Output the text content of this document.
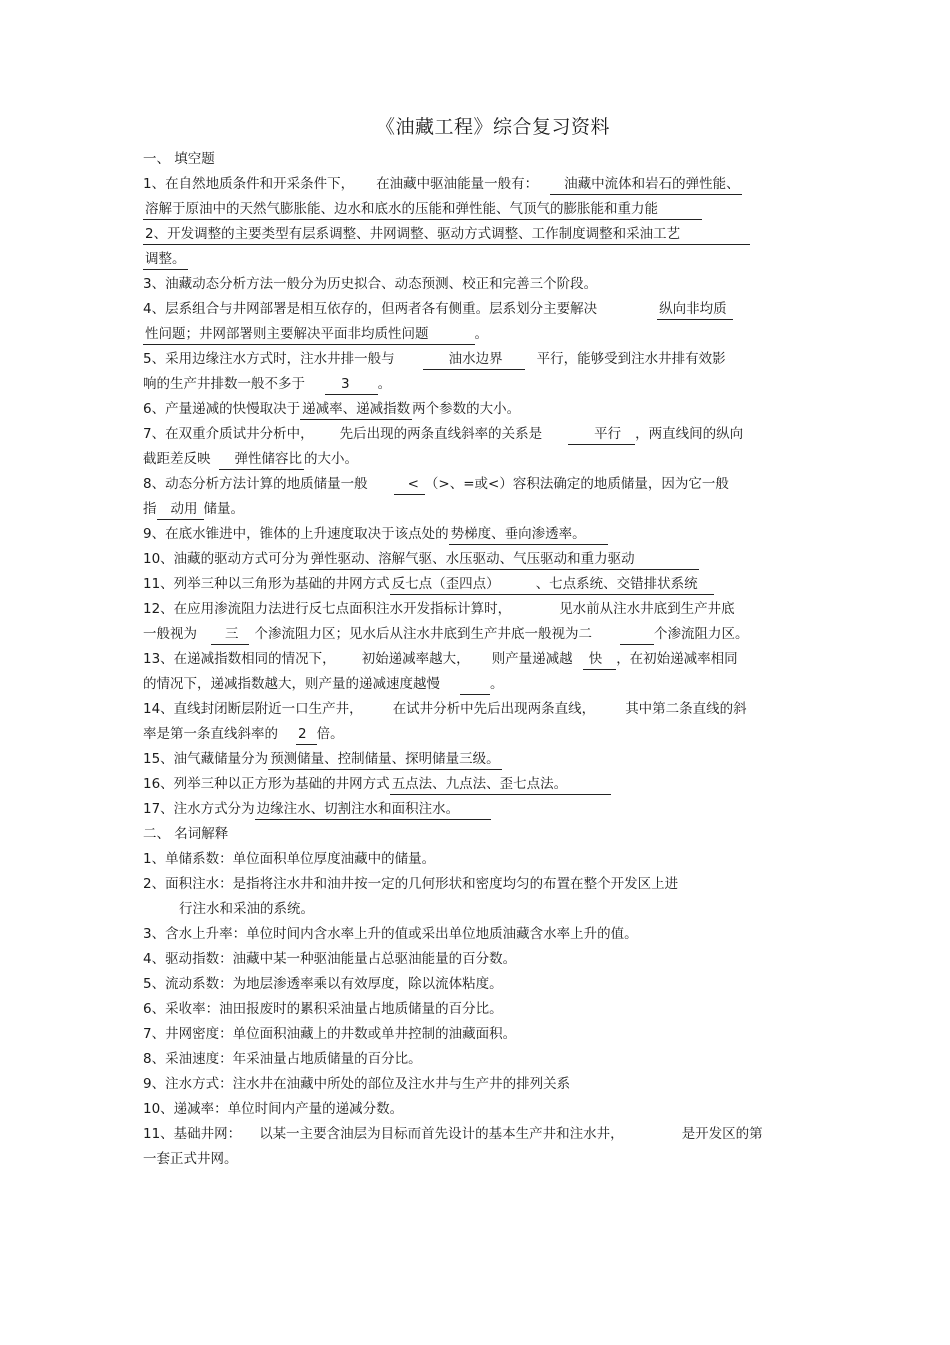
《油藏工程》综合复习资料
一、 填空题
1、在自然地质条件和开采条件下， 在油藏中驱油能量一般有： 油藏中流体和岩石的弹性能、
溶解于原油中的天然气膨胀能、边水和底水的压能和弹性能、气顶气的膨胀能和重力能
2、开发调整的主要类型有层系调整、井网调整、驱动方式调整、工作制度调整和采油工艺
调整。
3、油藏动态分析方法一般分为历史拟合、动态预测、校正和完善三个阶段。
4、层系组合与井网部署是相互依存的，但两者各有侧重。层系划分主要解决	纵向非均质
性问题；井网部署则主要解决平面非均质性问题	。
5、采用边缘注水方式时，注水井排一般与	油水边界	平行，能够受到注水井排有效影
响的生产井排数一般不多于	3 。
6、产量递减的快慢取决于 递减率、递减指数 两个参数的大小。
7、在双重介质试井分析中， 先后出现的两条直线斜率的关系是	平行 ，两直线间的纵向
截距差反映 弹性储容比 的大小。
8、动态分析方法计算的地质储量一般	< （>、=或<）容积法确定的地质储量，因为它一般
指 动用 储量。
9、在底水锥进中，锥体的上升速度取决于该点处的 势梯度、垂向渗透率。
10、油藏的驱动方式可分为 弹性驱动、溶解气驱、水压驱动、气压驱动和重力驱动
11、列举三种以三角形为基础的井网方式 反七点（歪四点）	、七点系统、交错排状系统
12、在应用渗流阻力法进行反七点面积注水开发指标计算时，	见水前从注水井底到生产井底
一般视为 三 个渗流阻力区；见水后从注水井底到生产井底一般视为二	个渗流阻力区。
13、在递减指数相同的情况下， 初始递减率越大， 则产量递减越 快 ，在初始递减率相同
的情况下，递减指数越大，则产量的递减速度越慢	。
14、直线封闭断层附近一口生产井， 在试井分析中先后出现两条直线， 其中第二条直线的斜
率是第一条直线斜率的 2 倍。
15、油气藏储量分为 预测储量、控制储量、探明储量三级。
16、列举三种以正方形为基础的井网方式 五点法、九点法、歪七点法。
17、注水方式分为 边缘注水、切割注水和面积注水。
二、 名词解释
1、单储系数：单位面积单位厚度油藏中的储量。
2、面积注水：是指将注水井和油井按一定的几何形状和密度均匀的布置在整个开发区上进
行注水和采油的系统。
3、含水上升率：单位时间内含水率上升的值或采出单位地质油藏含水率上升的值。
4、驱动指数：油藏中某一种驱油能量占总驱油能量的百分数。
5、流动系数：为地层渗透率乘以有效厚度，除以流体粘度。
6、采收率：油田报废时的累积采油量占地质储量的百分比。
7、井网密度：单位面积油藏上的井数或单井控制的油藏面积。
8、采油速度：年采油量占地质储量的百分比。
9、注水方式：注水井在油藏中所处的部位及注水井与生产井的排列关系
10、递减率：单位时间内产量的递减分数。
11、基础井网： 以某一主要含油层为目标而首先设计的基本生产井和注水井，	是开发区的第
一套正式井网。
